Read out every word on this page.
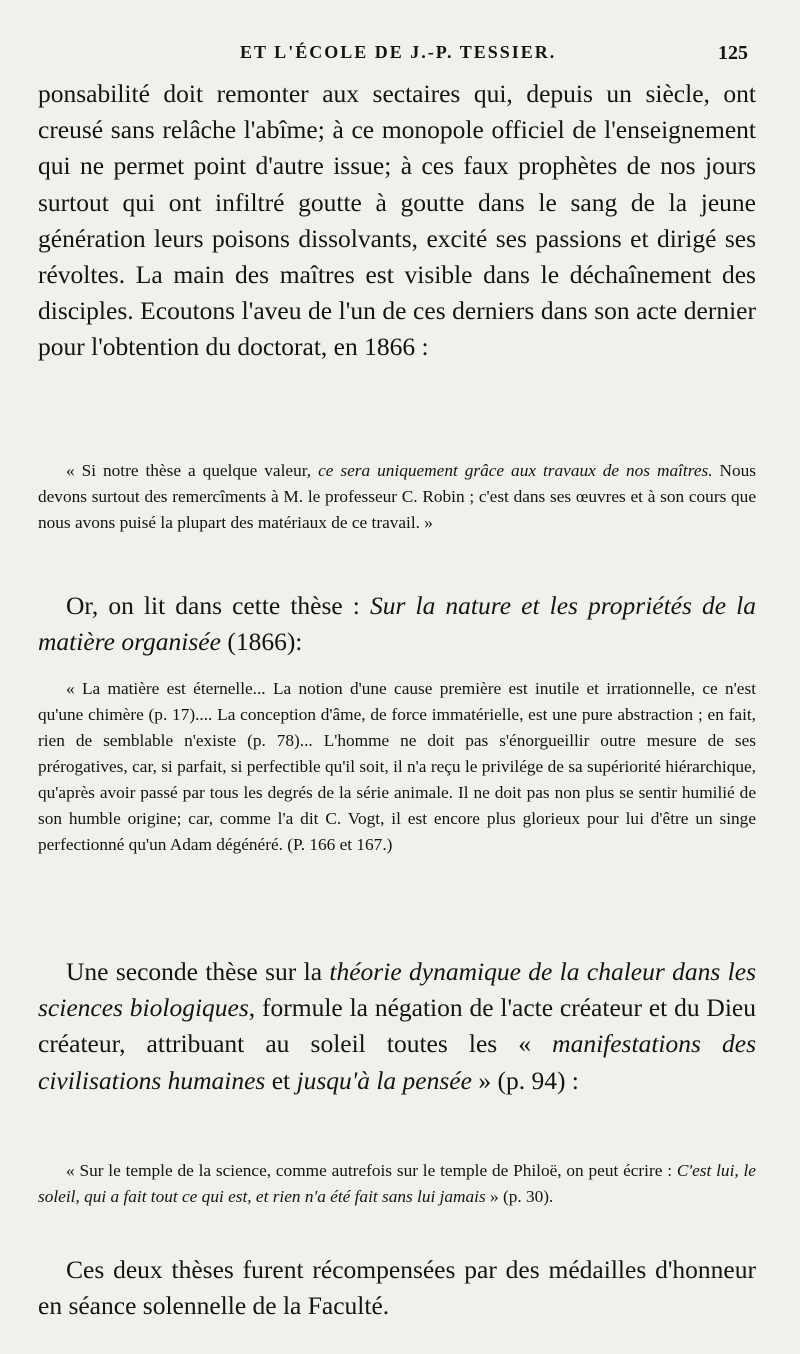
ET L'ÉCOLE DE J.-P. TESSIER.	125

ponsabilité doit remonter aux sectaires qui, depuis un siècle, ont creusé sans relâche l'abîme; à ce monopole officiel de l'enseignement qui ne permet point d'autre issue; à ces faux prophètes de nos jours surtout qui ont infiltré goutte à goutte dans le sang de la jeune génération leurs poisons dissolvants, excité ses passions et dirigé ses révoltes. La main des maîtres est visible dans le déchaînement des disciples. Ecoutons l'aveu de l'un de ces derniers dans son acte dernier pour l'obtention du doctorat, en 1866 :

« Si notre thèse a quelque valeur, ce sera uniquement grâce aux travaux de nos maîtres. Nous devons surtout des remercîments à M. le professeur C. Robin ; c'est dans ses œuvres et à son cours que nous avons puisé la plupart des matériaux de ce travail. »

Or, on lit dans cette thèse : Sur la nature et les propriétés de la matière organisée (1866):

« La matière est éternelle... La notion d'une cause première est inutile et irrationnelle, ce n'est qu'une chimère (p. 17).... La conception d'âme, de force immatérielle, est une pure abstraction ; en fait, rien de semblable n'existe (p. 78)... L'homme ne doit pas s'énorgueillir outre mesure de ses prérogatives, car, si parfait, si perfectible qu'il soit, il n'a reçu le privilége de sa supériorité hiérarchique, qu'après avoir passé par tous les degrés de la série animale. Il ne doit pas non plus se sentir humilié de son humble origine; car, comme l'a dit C. Vogt, il est encore plus glorieux pour lui d'être un singe perfectionné qu'un Adam dégénéré. (P. 166 et 167.)

Une seconde thèse sur la théorie dynamique de la chaleur dans les sciences biologiques, formule la négation de l'acte créateur et du Dieu créateur, attribuant au soleil toutes les « manifestations des civilisations humaines et jusqu'à la pensée » (p. 94) :

« Sur le temple de la science, comme autrefois sur le temple de Philoë, on peut écrire : C'est lui, le soleil, qui a fait tout ce qui est, et rien n'a été fait sans lui jamais » (p. 30).

Ces deux thèses furent récompensées par des médailles d'honneur en séance solennelle de la Faculté.
